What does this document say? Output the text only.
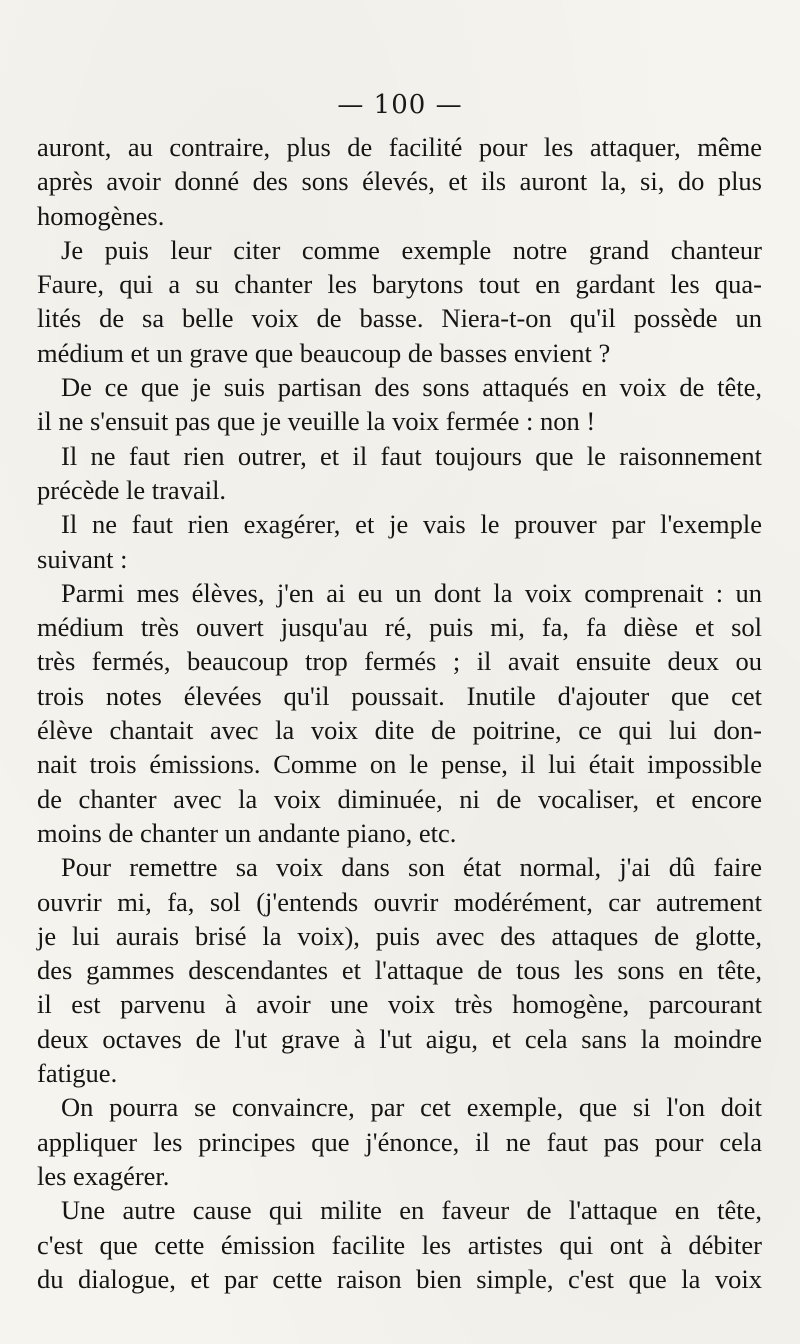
— 100 —
auront, au contraire, plus de facilité pour les attaquer, même
après avoir donné des sons élevés, et ils auront la, si, do plus
homogènes.
Je puis leur citer comme exemple notre grand chanteur
Faure, qui a su chanter les barytons tout en gardant les qua-
lités de sa belle voix de basse. Niera-t-on qu'il possède un
médium et un grave que beaucoup de basses envient ?
De ce que je suis partisan des sons attaqués en voix de tête,
il ne s'ensuit pas que je veuille la voix fermée : non !
Il ne faut rien outrer, et il faut toujours que le raisonnement
précède le travail.
Il ne faut rien exagérer, et je vais le prouver par l'exemple
suivant :
Parmi mes élèves, j'en ai eu un dont la voix comprenait : un
médium très ouvert jusqu'au ré, puis mi, fa, fa dièse et sol
très fermés, beaucoup trop fermés ; il avait ensuite deux ou
trois notes élevées qu'il poussait. Inutile d'ajouter que cet
élève chantait avec la voix dite de poitrine, ce qui lui don-
nait trois émissions. Comme on le pense, il lui était impossible
de chanter avec la voix diminuée, ni de vocaliser, et encore
moins de chanter un andante piano, etc.
Pour remettre sa voix dans son état normal, j'ai dû faire
ouvrir mi, fa, sol (j'entends ouvrir modérément, car autrement
je lui aurais brisé la voix), puis avec des attaques de glotte,
des gammes descendantes et l'attaque de tous les sons en tête,
il est parvenu à avoir une voix très homogène, parcourant
deux octaves de l'ut grave à l'ut aigu, et cela sans la moindre
fatigue.
On pourra se convaincre, par cet exemple, que si l'on doit
appliquer les principes que j'énonce, il ne faut pas pour cela
les exagérer.
Une autre cause qui milite en faveur de l'attaque en tête,
c'est que cette émission facilite les artistes qui ont à débiter
du dialogue, et par cette raison bien simple, c'est que la voix
